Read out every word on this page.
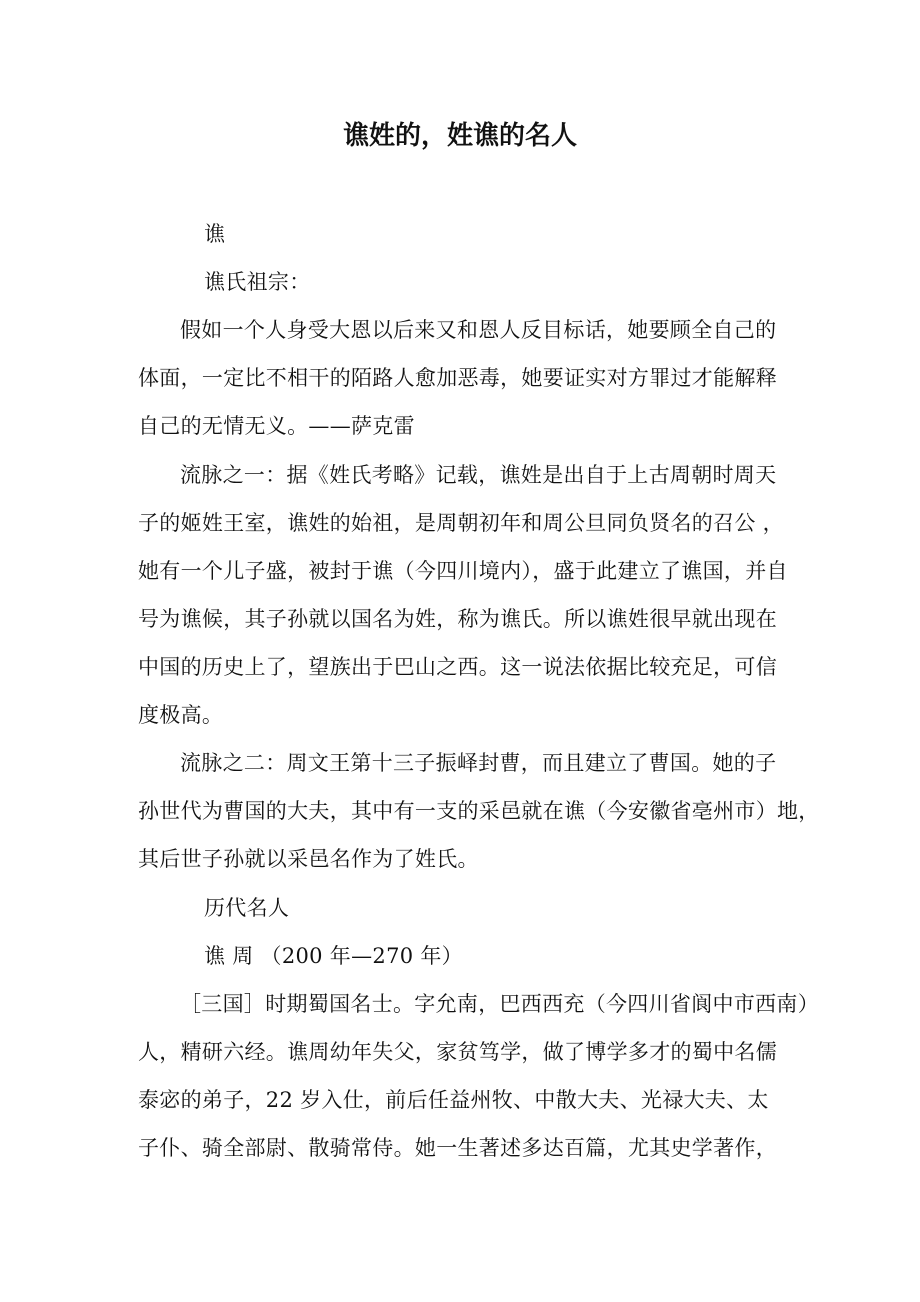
谯姓的，姓谯的名人

谯

谯氏祖宗：

假如一个人身受大恩以后来又和恩人反目标话，她要顾全自己的

体面，一定比不相干的陌路人愈加恶毒，她要证实对方罪过才能解释

自己的无情无义。——萨克雷

流脉之一：据《姓氏考略》记载，谯姓是出自于上古周朝时周天

子的姬姓王室，谯姓的始祖，是周朝初年和周公旦同负贤名的召公 ，

她有一个儿子盛，被封于谯（今四川境内），盛于此建立了谯国，并自

号为谯候，其子孙就以国名为姓，称为谯氏。所以谯姓很早就出现在

中国的历史上了，望族出于巴山之西。这一说法依据比较充足，可信

度极高。

流脉之二：周文王第十三子振峄封曹，而且建立了曹国。她的子

孙世代为曹国的大夫，其中有一支的采邑就在谯（今安徽省亳州市）地，

其后世子孙就以采邑名作为了姓氏。

历代名人

谯 周 （200 年—270 年）

［三国］时期蜀国名士。字允南，巴西西充（今四川省阆中市西南）

人，精研六经。谯周幼年失父，家贫笃学，做了博学多才的蜀中名儒

泰宓的弟子，22 岁入仕，前后任益州牧、中散大夫、光禄大夫、太

子仆、骑全部尉、散骑常侍。她一生著述多达百篇，尤其史学著作，
